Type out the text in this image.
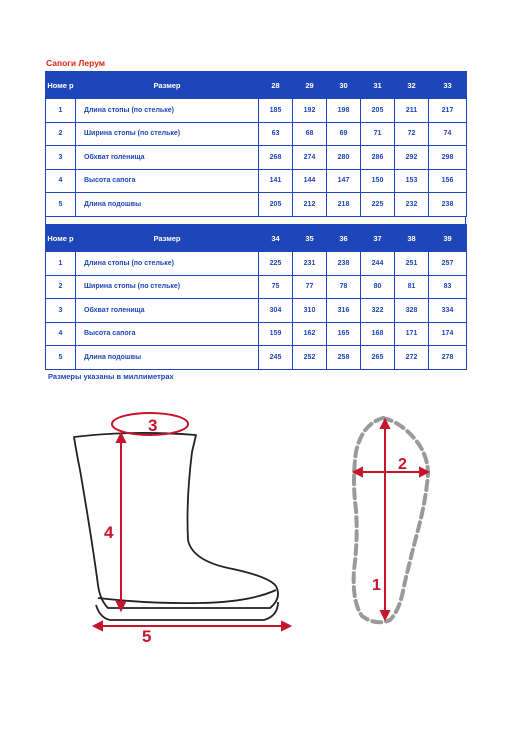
Сапоги Лерум
Номе р	Размер	28	29	30	31	32	33
1	Длина стопы (по стельке)	185	192	198	205	211	217
2	Ширина стопы (по стельке)	63	68	69	71	72	74
3	Обхват голенища	268	274	280	286	292	298
4	Высота сапога	141	144	147	150	153	156
5	Длина подошвы	205	212	218	225	232	238
Номе р	Размер	34	35	36	37	38	39
1	Длина стопы (по стельке)	225	231	238	244	251	257
2	Ширина стопы (по стельке)	75	77	78	80	81	83
3	Обхват голенища	304	310	316	322	328	334
4	Высота сапога	159	162	165	168	171	174
5	Длина подошвы	245	252	258	265	272	278
Размеры указаны в миллиметрах
3
4
5
2
1
